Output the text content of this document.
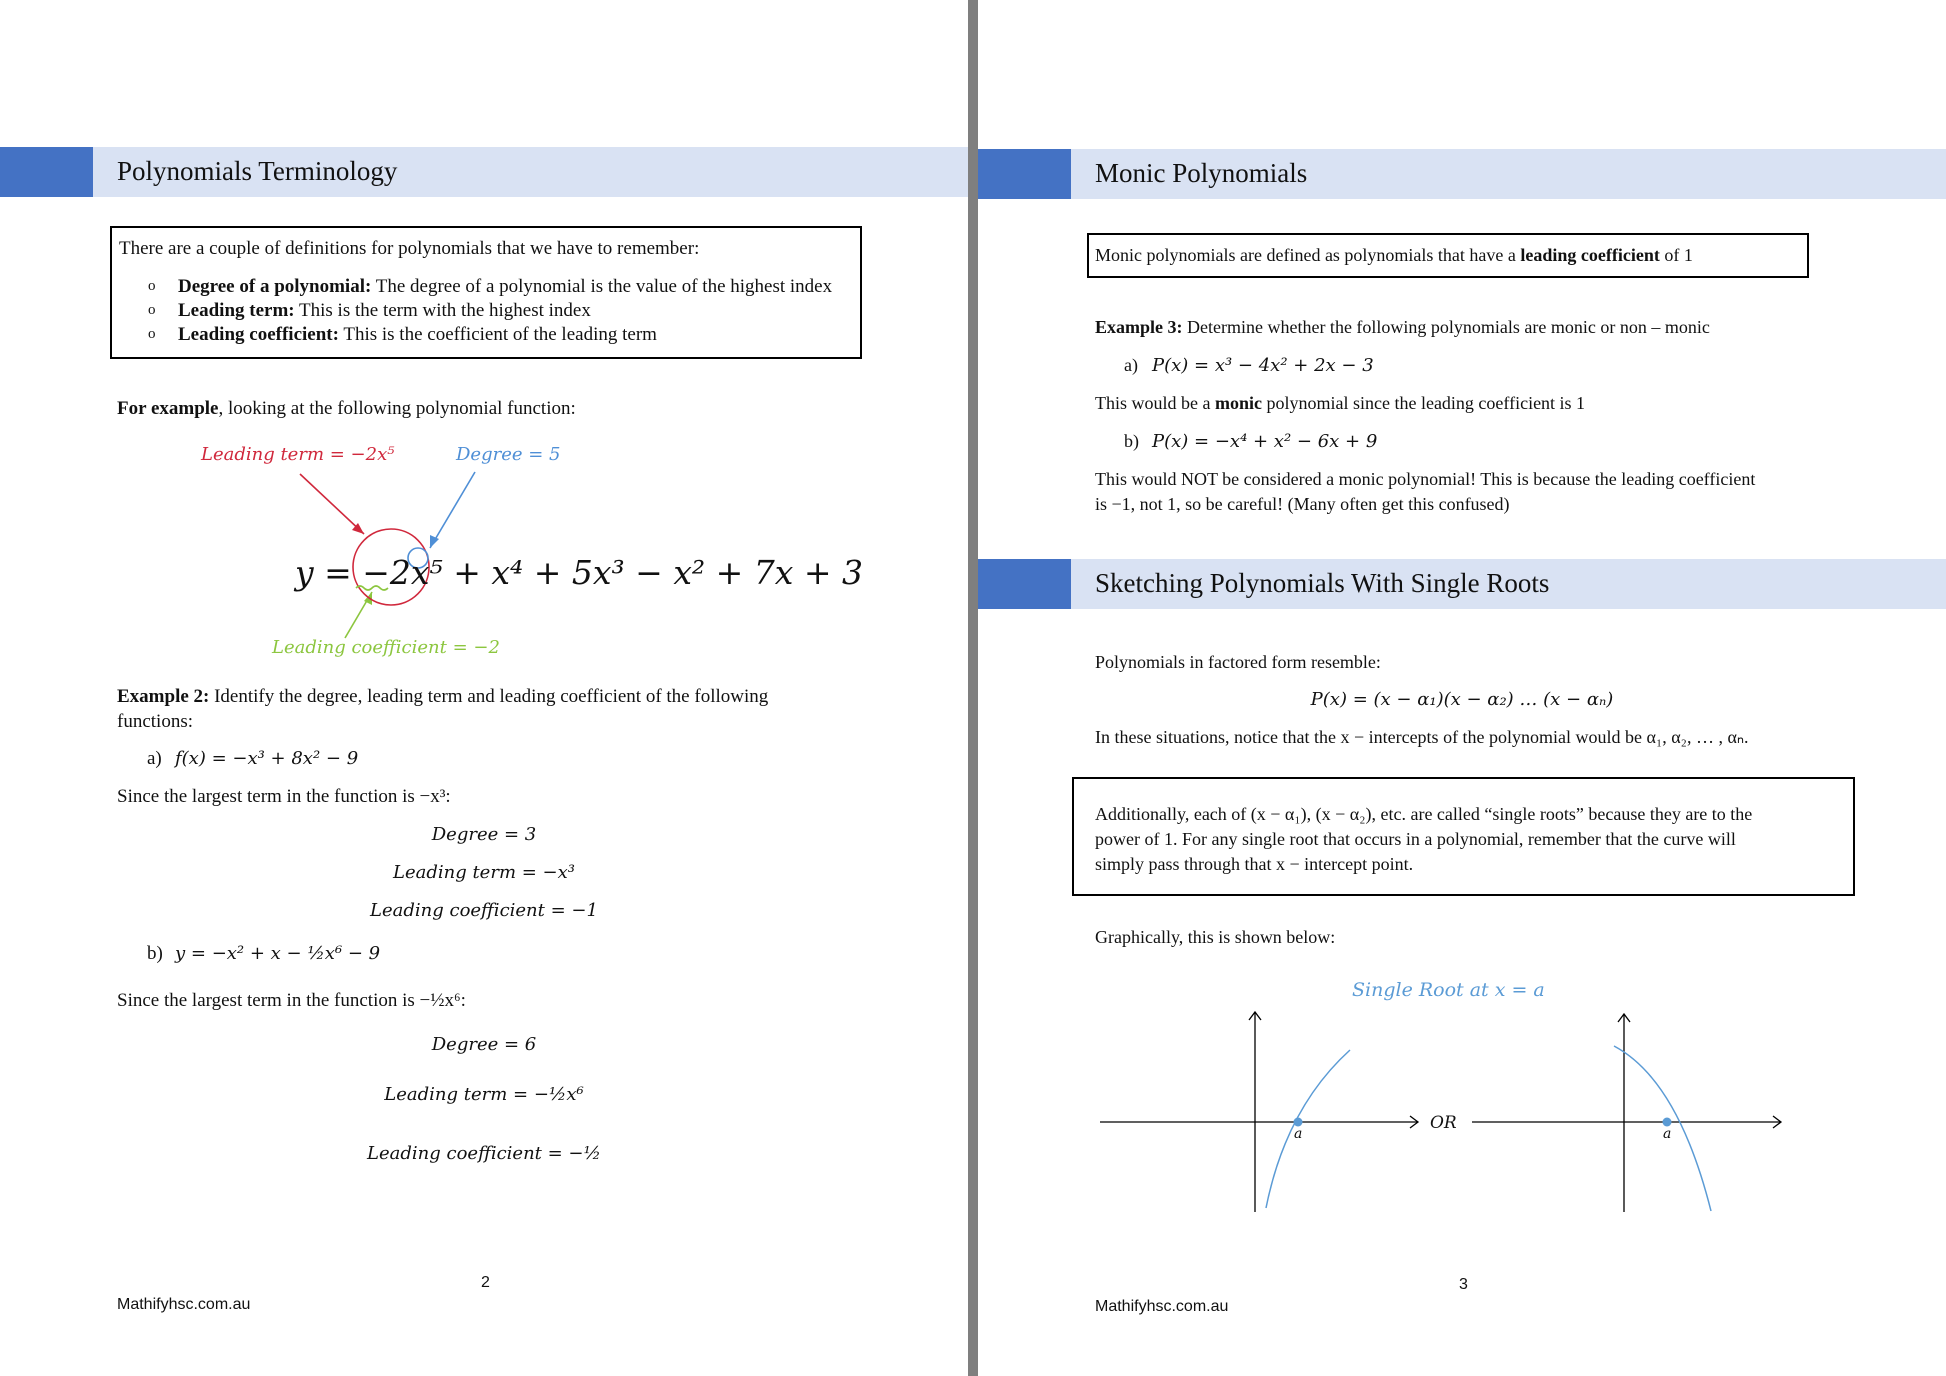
Polynomials Terminology
There are a couple of definitions for polynomials that we have to remember:
o Degree of a polynomial: The degree of a polynomial is the value of the highest index
o Leading term: This is the term with the highest index
o Leading coefficient: This is the coefficient of the leading term
For example, looking at the following polynomial function:
Leading term = −2x⁵	Degree = 5
y = −2x⁵ + x⁴ + 5x³ − x² + 7x + 3
Leading coefficient = −2
Example 2: Identify the degree, leading term and leading coefficient of the following
functions:
a) f(x) = −x³ + 8x² − 9
Since the largest term in the function is −x³:
Degree = 3
Leading term = −x³
Leading coefficient = −1
b) y = −x² + x − ½x⁶ − 9
Since the largest term in the function is −½x⁶:
Degree = 6
Leading term = −½x⁶
Leading coefficient = −½
2
Mathifyhsc.com.au
Monic Polynomials
Monic polynomials are defined as polynomials that have a leading coefficient of 1
Example 3: Determine whether the following polynomials are monic or non – monic
a) P(x) = x³ − 4x² + 2x − 3
This would be a monic polynomial since the leading coefficient is 1
b) P(x) = −x⁴ + x² − 6x + 9
This would NOT be considered a monic polynomial! This is because the leading coefficient
is −1, not 1, so be careful! (Many often get this confused)
Sketching Polynomials With Single Roots
Polynomials in factored form resemble:
P(x) = (x − α₁)(x − α₂) … (x − αₙ)
In these situations, notice that the x − intercepts of the polynomial would be α₁, α₂, … , αₙ.
Additionally, each of (x − α₁), (x − α₂), etc. are called “single roots” because they are to the
power of 1. For any single root that occurs in a polynomial, remember that the curve will
simply pass through that x − intercept point.
Graphically, this is shown below:
Single Root at x = a
a
OR
a
3
Mathifyhsc.com.au
